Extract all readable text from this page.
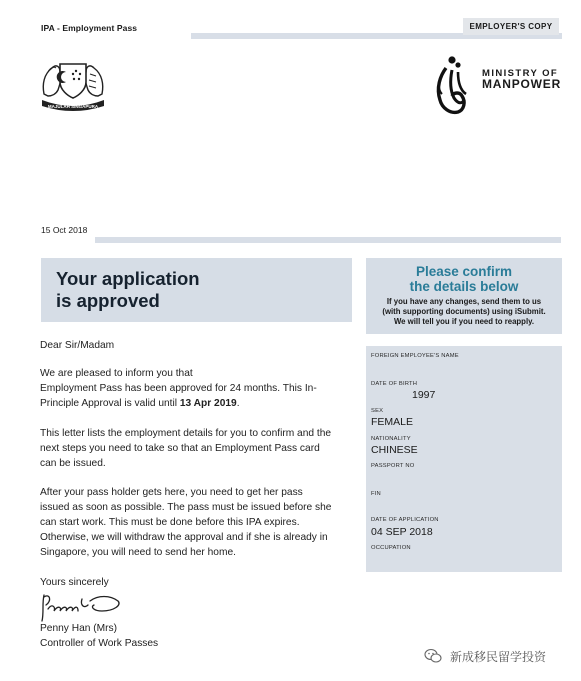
IPA - Employment Pass	EMPLOYER'S COPY
MAJULAH SINGAPURA
MINISTRY OF
MANPOWER
15 Oct 2018
Your application
is approved
Please confirm
the details below
If you have any changes, send them to us
(with supporting documents) using iSubmit.
We will tell you if you need to reapply.
FOREIGN EMPLOYEE'S NAME
DATE OF BIRTH
1997
SEX
FEMALE
NATIONALITY
CHINESE
PASSPORT NO
FIN
DATE OF APPLICATION
04 SEP 2018
OCCUPATION
Dear Sir/Madam
We are pleased to inform you that
Employment Pass has been approved for 24 months. This In-
Principle Approval is valid until 13 Apr 2019.
This letter lists the employment details for you to confirm and the
next steps you need to take so that an Employment Pass card
can be issued.
After your pass holder gets here, you need to get her pass
issued as soon as possible. The pass must be issued before she
can start work. This must be done before this IPA expires.
Otherwise, we will withdraw the approval and if she is already in
Singapore, you will need to send her home.
Yours sincerely
Penny Han (Mrs)
Controller of Work Passes
新成移民留学投资
